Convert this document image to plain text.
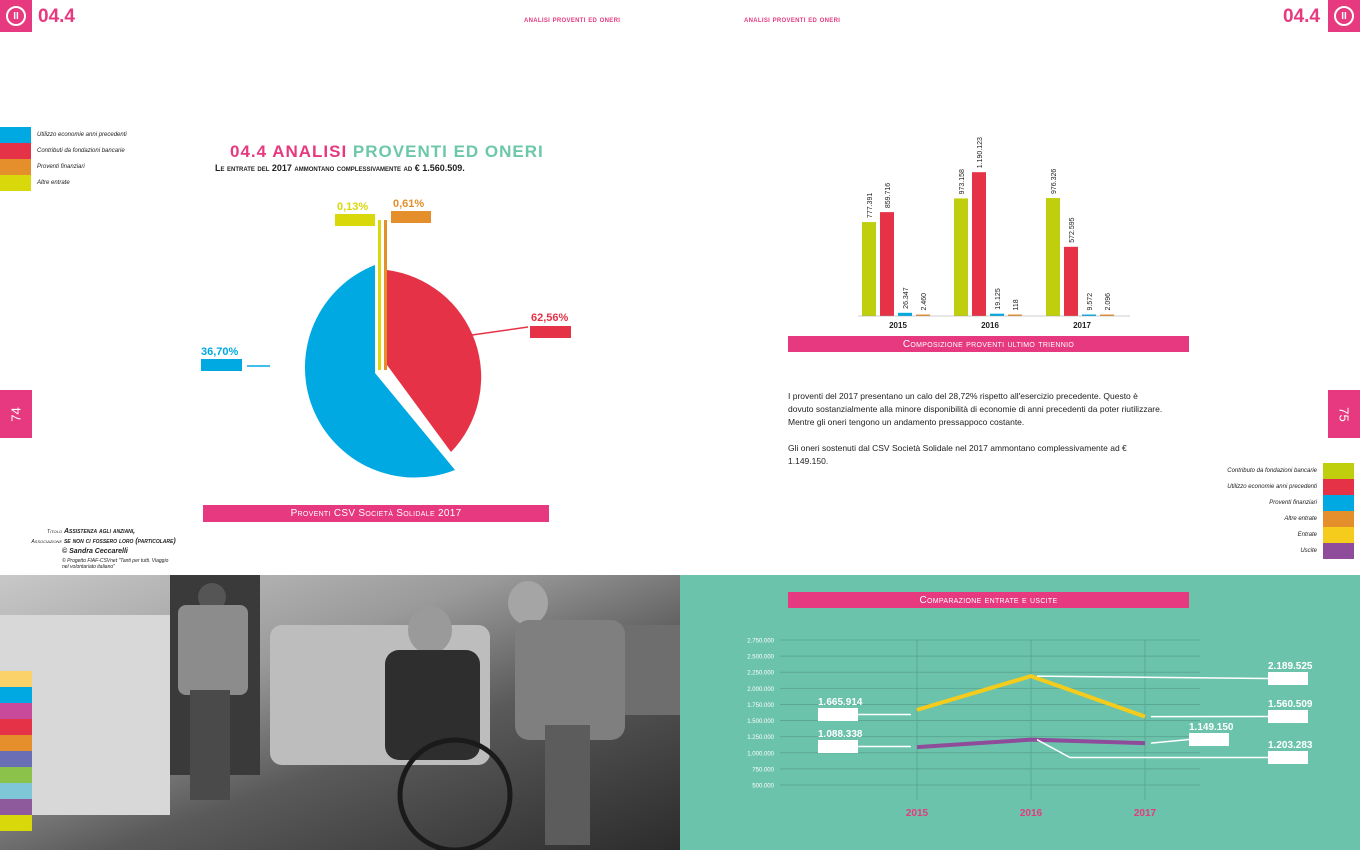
II	04.4	analisi proventi ed oneri	analisi proventi ed oneri	04.4	II
74	75
Utilizzo economie anni precedenti
Contributi da fondazioni bancarie
Proventi finanziari
Altre entrate
04.4 ANALISI PROVENTI ED ONERI
Le entrate del 2017 ammontano complessivamente ad € 1.560.509.
62,56%
36,70%
0,13% 0,61%
Proventi CSV Società Solidale 2017
Titolo Assistenza agli anziani,
Associazione se non ci fossero loro (particolare)
© Sandra Ceccarelli
© Progetto FIAF-CSVnet "Tanti per tutti. Viaggio nel volontariato italiano"
777.391 859.716
26.347 2.460
2015
973.158
1.190.123
19.125 118
2016
976.326
572.595
9.572 2.096
2017
Composizione proventi ultimo triennio
I proventi del 2017 presentano un calo del 28,72% rispetto all'esercizio precedente. Questo è dovuto sostanzialmente alla minore disponibilità di economie di anni precedenti da poter riutilizzare. Mentre gli oneri tengono un andamento pressappoco costante.
Gli oneri sostenuti dal CSV Società Solidale nel 2017 ammontano complessivamente ad € 1.149.150.
Contributo da fondazioni bancarie
Utilizzo economie anni precedenti
Proventi finanziari
Altre entrate
Entrate
Uscite
Comparazione entrate e uscite
2.750.000
2.500.000
2.250.000
2.000.000
1.750.000
1.500.000
1.250.000
1.000.000
750.000
500.000
2015	2016	2017
1.665.914
2.189.525
1.560.509
1.088.338
1.203.283
1.149.150
